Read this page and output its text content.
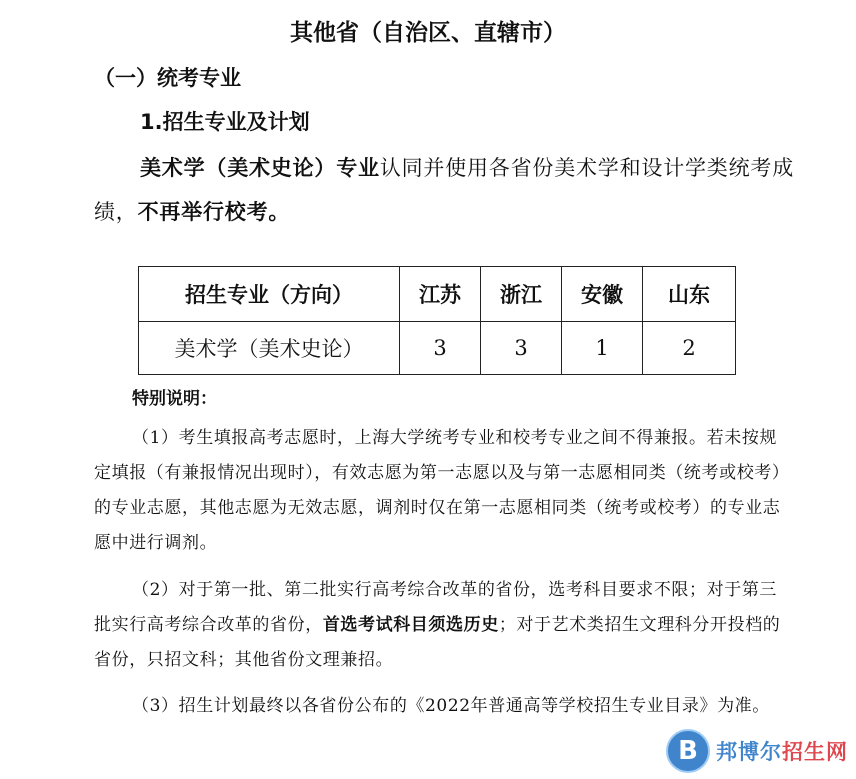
其他省（自治区、直辖市）
（一）统考专业
1.招生专业及计划
美术学（美术史论）专业认同并使用各省份美术学和设计学类统考成绩，不再举行校考。
招生专业（方向）	江苏	浙江	安徽	山东
美术学（美术史论）	3	3	1	2
特别说明：
（1）考生填报高考志愿时，上海大学统考专业和校考专业之间不得兼报。若未按规定填报（有兼报情况出现时），有效志愿为第一志愿以及与第一志愿相同类（统考或校考）的专业志愿，其他志愿为无效志愿，调剂时仅在第一志愿相同类（统考或校考）的专业志愿中进行调剂。
（2）对于第一批、第二批实行高考综合改革的省份，选考科目要求不限；对于第三批实行高考综合改革的省份，首选考试科目须选历史；对于艺术类招生文理科分开投档的省份，只招文科；其他省份文理兼招。
（3）招生计划最终以各省份公布的《2022年普通高等学校招生专业目录》为准。
B 邦博尔招生网
